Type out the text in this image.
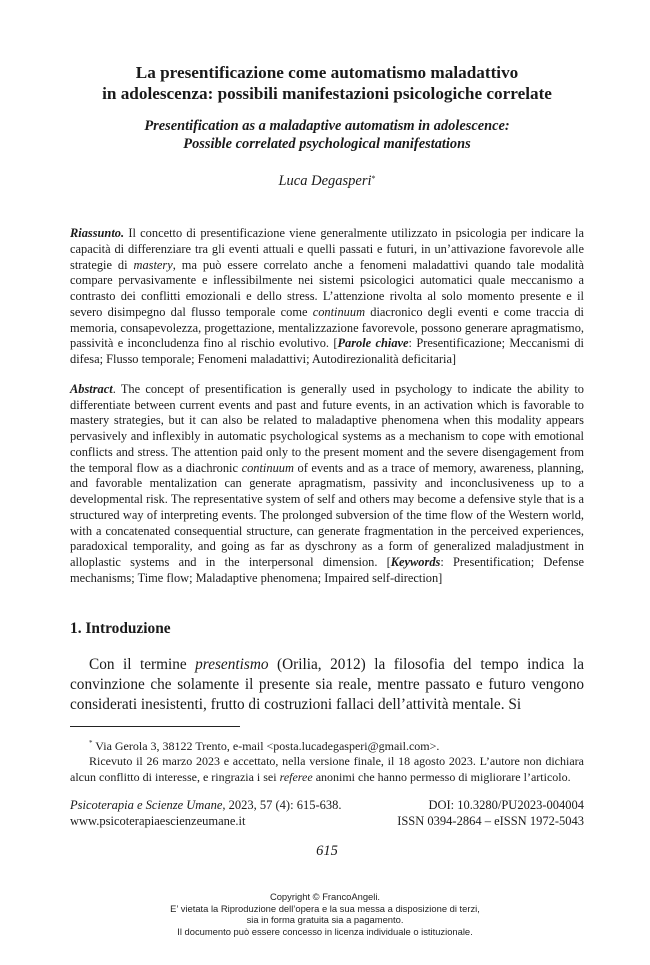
La presentificazione come automatismo maladattivo
in adolescenza: possibili manifestazioni psicologiche correlate
Presentification as a maladaptive automatism in adolescence:
Possible correlated psychological manifestations

Luca Degasperi*

Riassunto. Il concetto di presentificazione viene generalmente utilizzato in psicologia per indicare la capacità di differenziare tra gli eventi attuali e quelli passati e futuri, in un’attivazione favorevole alle strategie di mastery, ma può essere correlato anche a fenomeni maladattivi quando tale modalità compare pervasivamente e inflessibilmente nei sistemi psicologici automatici quale meccanismo a contrasto dei conflitti emozionali e dello stress. L’attenzione rivolta al solo momento presente e il severo disimpegno dal flusso temporale come continuum diacronico degli eventi e come traccia di memoria, consapevolezza, progettazione, mentalizzazione favorevole, possono generare apragmatismo, passività e inconcludenza fino al rischio evolutivo. [Parole chiave: Presentificazione; Meccanismi di difesa; Flusso temporale; Fenomeni maladattivi; Autodirezionalità deficitaria]

Abstract. The concept of presentification is generally used in psychology to indicate the ability to differentiate between current events and past and future events, in an activation which is favorable to mastery strategies, but it can also be related to maladaptive phenomena when this modality appears pervasively and inflexibly in automatic psychological systems as a mechanism to cope with emotional conflicts and stress. The attention paid only to the present moment and the severe disengagement from the temporal flow as a diachronic continuum of events and as a trace of memory, awareness, planning, and favorable mentalization can generate apragmatism, passivity and inconclusiveness up to a developmental risk. The representative system of self and others may become a defensive style that is a structured way of interpreting events. The prolonged subversion of the time flow of the Western world, with a concatenated consequential structure, can generate fragmentation in the perceived experiences, paradoxical temporality, and going as far as dyschrony as a form of generalized maladjustment in alloplastic systems and in the interpersonal dimension. [Keywords: Presentification; Defense mechanisms; Time flow; Maladaptive phenomena; Impaired self-direction]

1. Introduzione

Con il termine presentismo (Orilia, 2012) la filosofia del tempo indica la convinzione che solamente il presente sia reale, mentre passato e futuro vengono considerati inesistenti, frutto di costruzioni fallaci dell’attività mentale. Si

* Via Gerola 3, 38122 Trento, e-mail <posta.lucadegasperi@gmail.com>.

Ricevuto il 26 marzo 2023 e accettato, nella versione finale, il 18 agosto 2023. L’autore non dichiara alcun conflitto di interesse, e ringrazia i sei referee anonimi che hanno permesso di migliorare l’articolo.

Psicoterapia e Scienze Umane, 2023, 57 (4): 615-638.	DOI: 10.3280/PU2023-004004
www.psicoterapiaescienzeumane.it	ISSN 0394-2864 – eISSN 1972-5043
615
Copyright © FrancoAngeli.
E’ vietata la Riproduzione dell’opera e la sua messa a disposizione di terzi,
sia in forma gratuita sia a pagamento.
Il documento può essere concesso in licenza individuale o istituzionale.
